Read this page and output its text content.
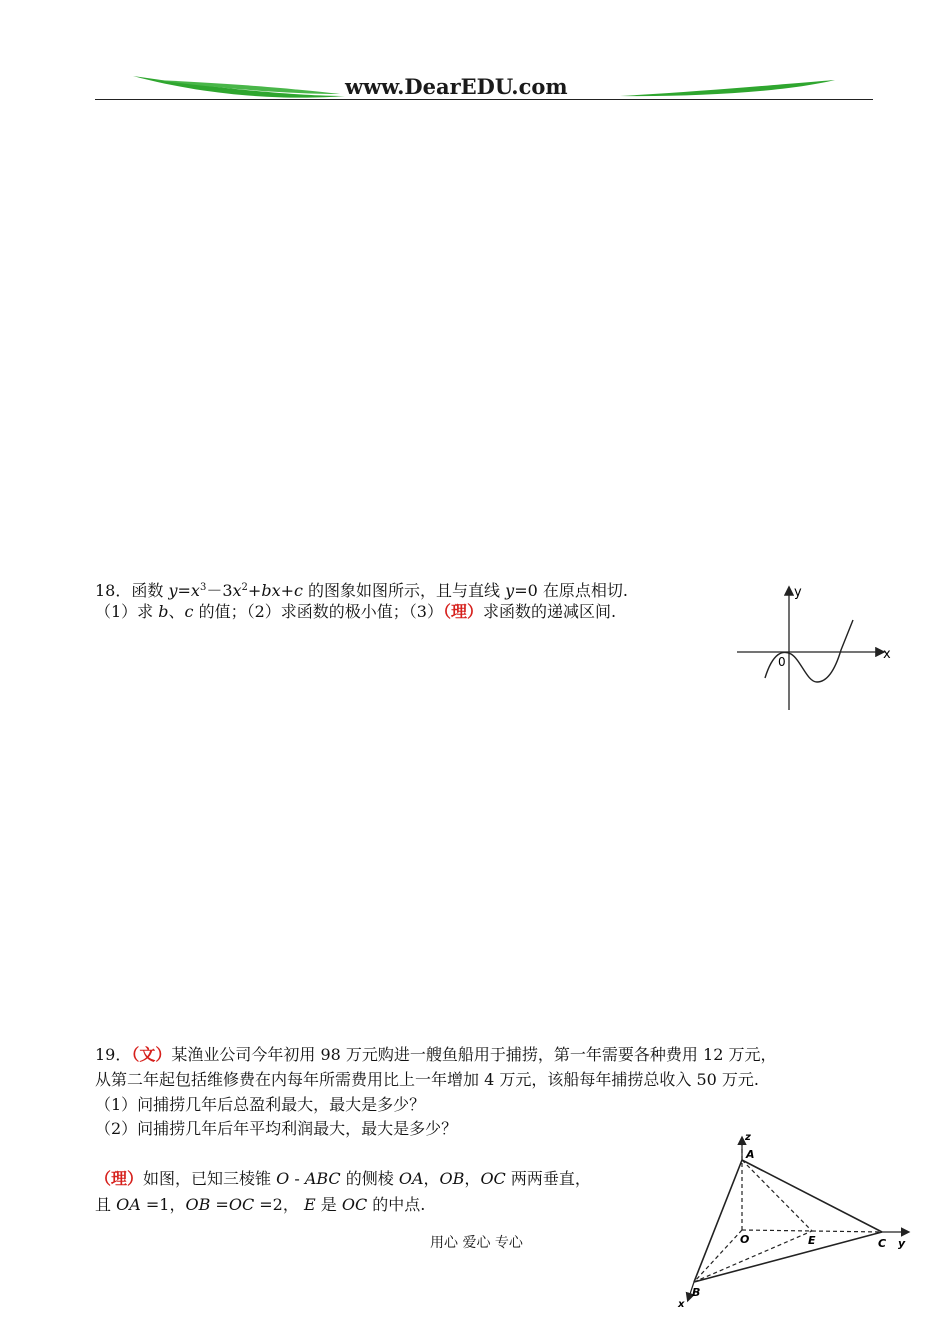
www.DearEDU.com
18．函数 $y=x^3-3x^2+bx+c$ 的图象如图所示，且与直线 y=0 在原点相切.
（1）求 b、c 的值；（2）求函数的极小值；（3）（理）求函数的递减区间.
x
y
0
19．（文）某渔业公司今年初用 98 万元购进一艘鱼船用于捕捞，第一年需要各种费用 12 万元，
从第二年起包括维修费在内每年所需费用比上一年增加 4 万元，该船每年捕捞总收入 50 万元.
（1）问捕捞几年后总盈利最大，最大是多少？
（2）问捕捞几年后年平均利润最大，最大是多少？
（理）如图，已知三棱锥 O - ABC 的侧棱 OA，OB，OC 两两垂直，
且 OA =1，OB =OC =2， E 是 OC 的中点.
z
A
O	E	C y
B
x
用心 爱心 专心
